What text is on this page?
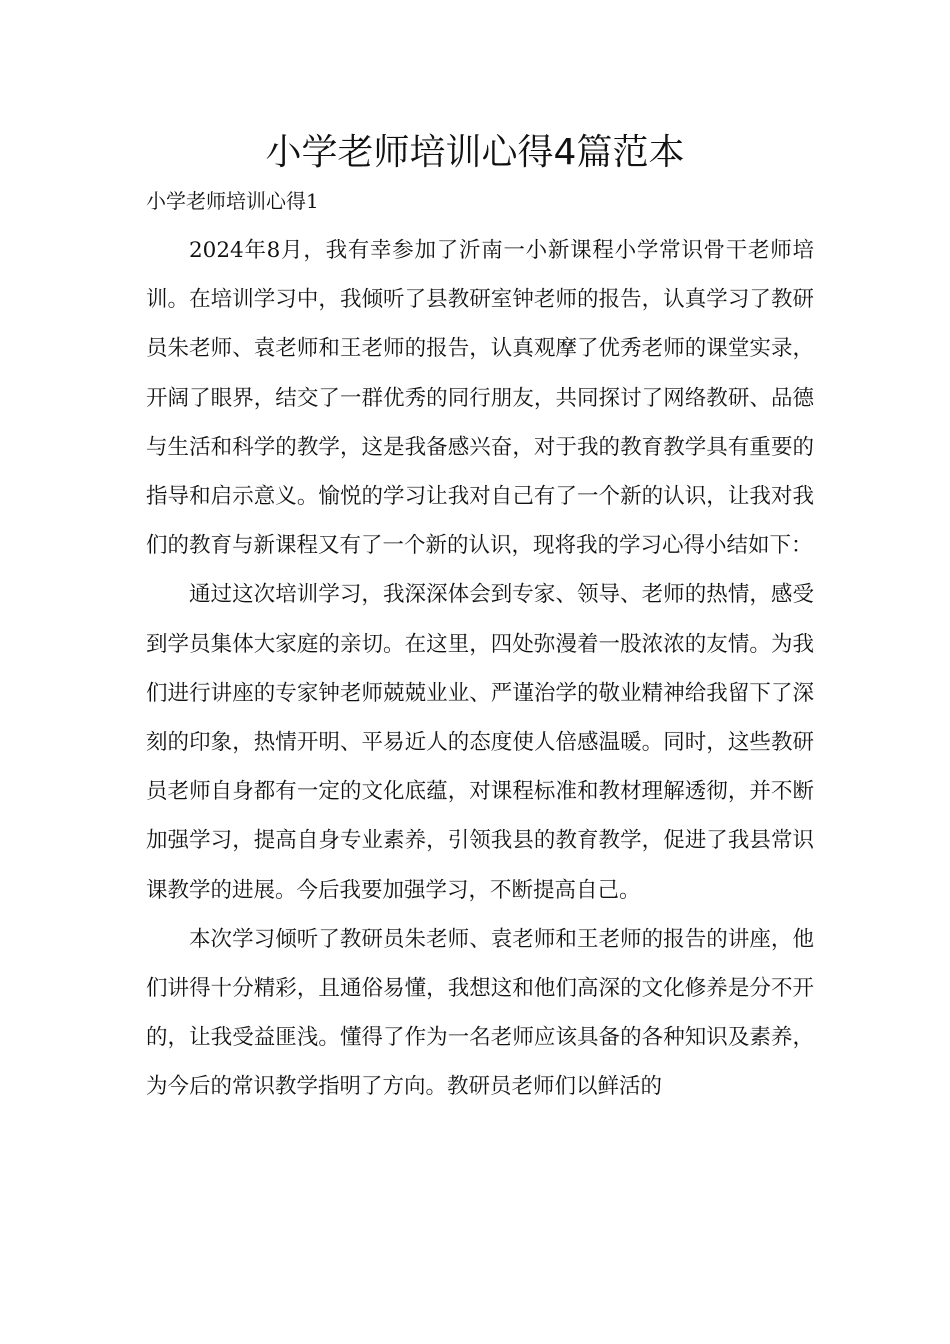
小学老师培训心得4篇范本

小学老师培训心得1

2024年8月，我有幸参加了沂南一小新课程小学常识骨干老师培训。在培训学习中，我倾听了县教研室钟老师的报告，认真学习了教研员朱老师、袁老师和王老师的报告，认真观摩了优秀老师的课堂实录，开阔了眼界，结交了一群优秀的同行朋友，共同探讨了网络教研、品德与生活和科学的教学，这是我备感兴奋，对于我的教育教学具有重要的指导和启示意义。愉悦的学习让我对自己有了一个新的认识，让我对我们的教育与新课程又有了一个新的认识，现将我的学习心得小结如下：

通过这次培训学习，我深深体会到专家、领导、老师的热情，感受到学员集体大家庭的亲切。在这里，四处弥漫着一股浓浓的友情。为我们进行讲座的专家钟老师兢兢业业、严谨治学的敬业精神给我留下了深刻的印象，热情开明、平易近人的态度使人倍感温暖。同时，这些教研员老师自身都有一定的文化底蕴，对课程标准和教材理解透彻，并不断加强学习，提高自身专业素养，引领我县的教育教学，促进了我县常识课教学的进展。今后我要加强学习，不断提高自己。

本次学习倾听了教研员朱老师、袁老师和王老师的报告的讲座，他们讲得十分精彩，且通俗易懂，我想这和他们高深的文化修养是分不开的，让我受益匪浅。懂得了作为一名老师应该具备的各种知识及素养，为今后的常识教学指明了方向。教研员老师们以鲜活的
